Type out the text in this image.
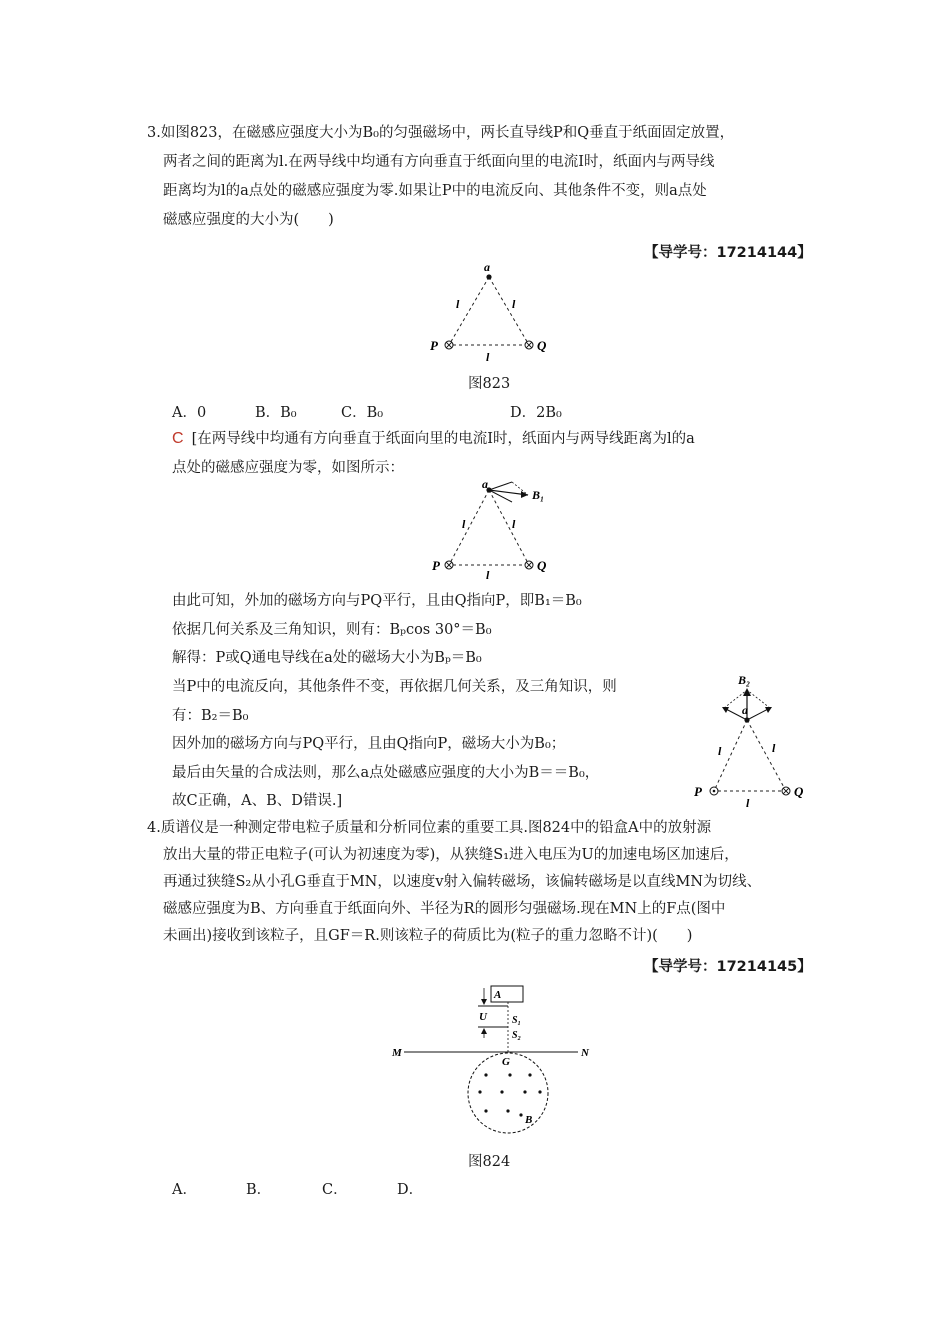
3.如图823，在磁感应强度大小为B₀的匀强磁场中，两长直导线P和Q垂直于纸面固定放置，
两者之间的距离为l.在两导线中均通有方向垂直于纸面向里的电流I时，纸面内与两导线
距离均为l的a点处的磁感应强度为零.如果让P中的电流反向、其他条件不变，则a点处
磁感应强度的大小为(　　)
【导学号：17214144】
a
l	l
l
P	Q
图823
A．0	B．B₀	C．B₀	D．2B₀
C [在两导线中均通有方向垂直于纸面向里的电流I时，纸面内与两导线距离为l的a
点处的磁感应强度为零，如图所示：
a
B₁
l	l
l
P	Q
由此可知，外加的磁场方向与PQ平行，且由Q指向P，即B₁＝B₀
依据几何关系及三角知识，则有：Bₚcos 30°＝B₀
解得：P或Q通电导线在a处的磁场大小为Bₚ＝B₀
当P中的电流反向，其他条件不变，再依据几何关系，及三角知识，则
有：B₂＝B₀
因外加的磁场方向与PQ平行，且由Q指向P，磁场大小为B₀；
最后由矢量的合成法则，那么a点处磁感应强度的大小为B＝＝B₀，
故C正确，A、B、D错误.]
B₂
a
l	l
l
P	Q
4.质谱仪是一种测定带电粒子质量和分析同位素的重要工具.图824中的铅盒A中的放射源
放出大量的带正电粒子(可认为初速度为零)，从狭缝S₁进入电压为U的加速电场区加速后，
再通过狭缝S₂从小孔G垂直于MN，以速度v射入偏转磁场，该偏转磁场是以直线MN为切线、
磁感应强度为B、方向垂直于纸面向外、半径为R的圆形匀强磁场.现在MN上的F点(图中
未画出)接收到该粒子，且GF＝R.则该粒子的荷质比为(粒子的重力忽略不计)(　　)
【导学号：17214145】
A
U	S₁
S₂
M	N
G
B
图824
A．	B．	C．	D．
